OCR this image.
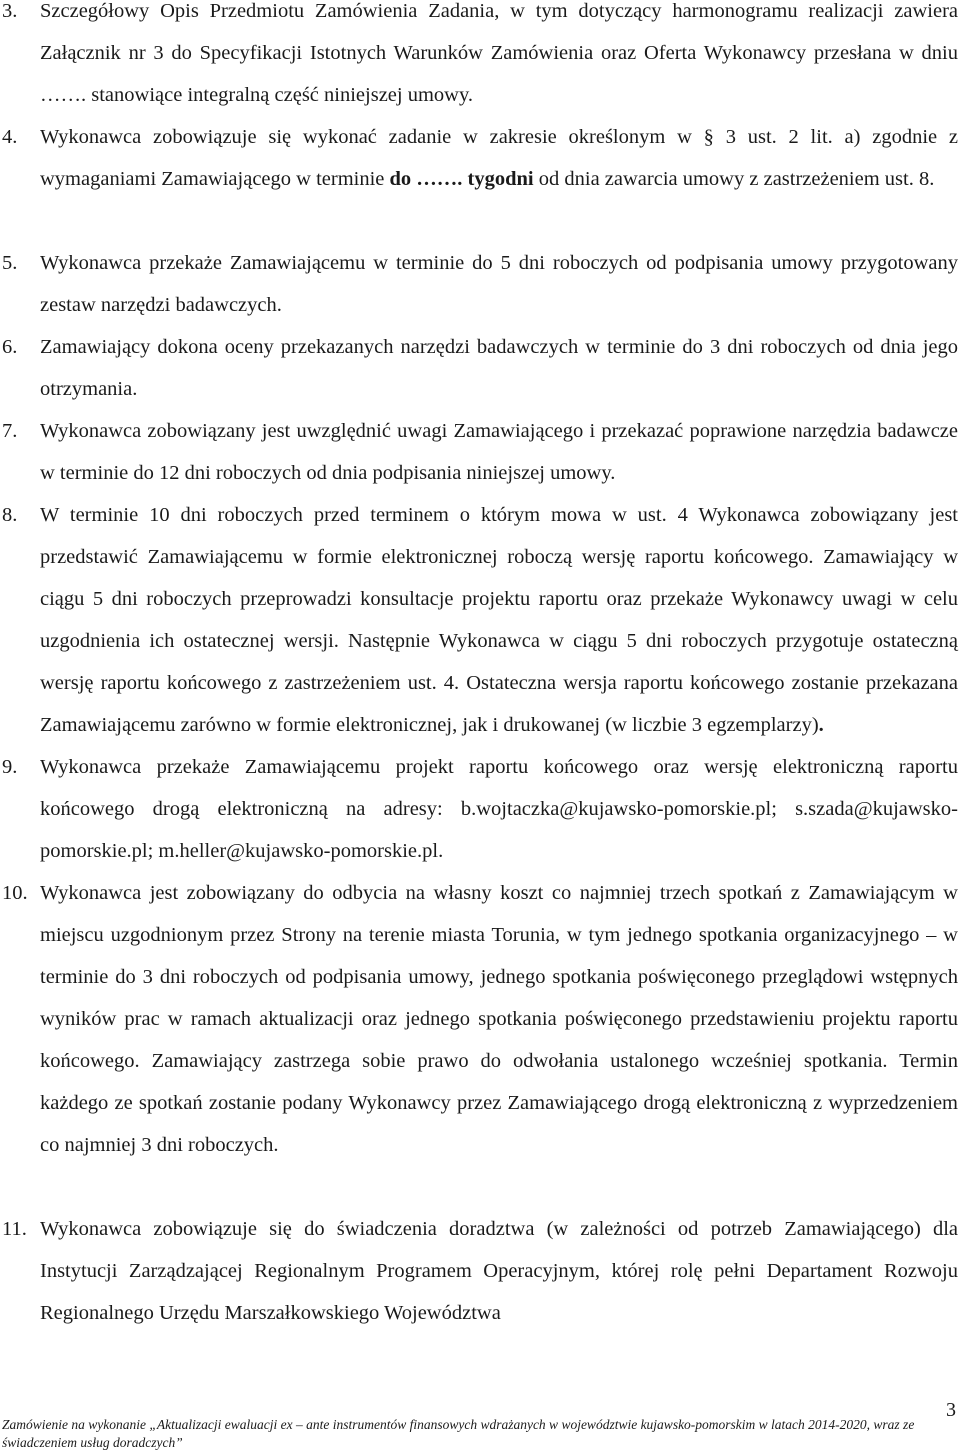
3. Szczegółowy Opis Przedmiotu Zamówienia Zadania, w tym dotyczący harmonogramu realizacji zawiera Załącznik nr 3 do Specyfikacji Istotnych Warunków Zamówienia oraz Oferta Wykonawcy przesłana w dniu ……. stanowiące integralną część niniejszej umowy.
4. Wykonawca zobowiązuje się wykonać zadanie w zakresie określonym w § 3 ust. 2 lit. a) zgodnie z wymaganiami Zamawiającego w terminie do ……. tygodni od dnia zawarcia umowy z zastrzeżeniem ust. 8.
5. Wykonawca przekaże Zamawiającemu w terminie do 5 dni roboczych od podpisania umowy przygotowany zestaw narzędzi badawczych.
6. Zamawiający dokona oceny przekazanych narzędzi badawczych w terminie do 3 dni roboczych od dnia jego otrzymania.
7. Wykonawca zobowiązany jest uwzględnić uwagi Zamawiającego i przekazać poprawione narzędzia badawcze w terminie do 12 dni roboczych od dnia podpisania niniejszej umowy.
8. W terminie 10 dni roboczych przed terminem o którym mowa w ust. 4 Wykonawca zobowiązany jest przedstawić Zamawiającemu w formie elektronicznej roboczą wersję raportu końcowego. Zamawiający w ciągu 5 dni roboczych przeprowadzi konsultacje projektu raportu oraz przekaże Wykonawcy uwagi w celu uzgodnienia ich ostatecznej wersji. Następnie Wykonawca w ciągu 5 dni roboczych przygotuje ostateczną wersję raportu końcowego z zastrzeżeniem ust. 4. Ostateczna wersja raportu końcowego zostanie przekazana Zamawiającemu zarówno w formie elektronicznej, jak i drukowanej (w liczbie 3 egzemplarzy).
9. Wykonawca przekaże Zamawiającemu projekt raportu końcowego oraz wersję elektroniczną raportu końcowego drogą elektroniczną na adresy: b.wojtaczka@kujawsko-pomorskie.pl; s.szada@kujawsko-pomorskie.pl; m.heller@kujawsko-pomorskie.pl.
10. Wykonawca jest zobowiązany do odbycia na własny koszt co najmniej trzech spotkań z Zamawiającym w miejscu uzgodnionym przez Strony na terenie miasta Torunia, w tym jednego spotkania organizacyjnego – w terminie do 3 dni roboczych od podpisania umowy, jednego spotkania poświęconego przeglądowi wstępnych wyników prac w ramach aktualizacji oraz jednego spotkania poświęconego przedstawieniu projektu raportu końcowego. Zamawiający zastrzega sobie prawo do odwołania ustalonego wcześniej spotkania. Termin każdego ze spotkań zostanie podany Wykonawcy przez Zamawiającego drogą elektroniczną z wyprzedzeniem co najmniej 3 dni roboczych.
11. Wykonawca zobowiązuje się do świadczenia doradztwa (w zależności od potrzeb Zamawiającego) dla Instytucji Zarządzającej Regionalnym Programem Operacyjnym, której rolę pełni Departament Rozwoju Regionalnego Urzędu Marszałkowskiego Województwa
Zamówienie na wykonanie „Aktualizacji ewaluacji ex – ante instrumentów finansowych wdrażanych w województwie kujawsko-pomorskim w latach 2014-2020, wraz ze świadczeniem usług doradczych”
3
